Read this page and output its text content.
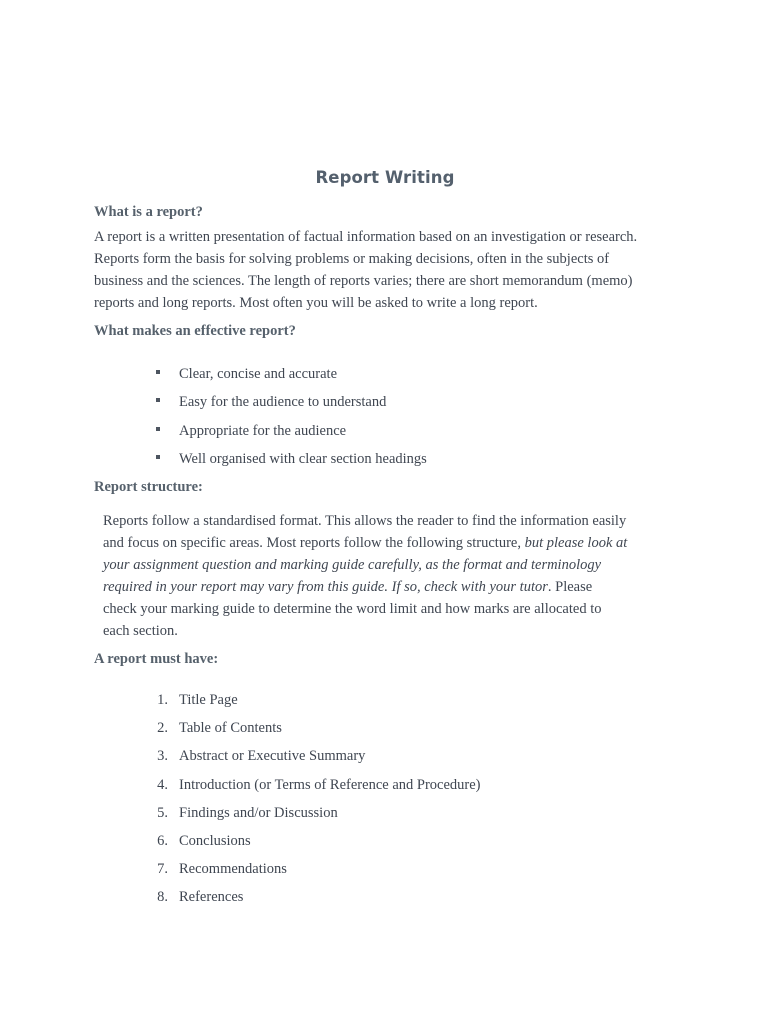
Report Writing
What is a report?
A report is a written presentation of factual information based on an investigation or research.
Reports form the basis for solving problems or making decisions, often in the subjects of
business and the sciences. The length of reports varies; there are short memorandum (memo)
reports and long reports. Most often you will be asked to write a long report.
What makes an effective report?
Clear, concise and accurate
Easy for the audience to understand
Appropriate for the audience
Well organised with clear section headings
Report structure:
Reports follow a standardised format. This allows the reader to find the information easily
and focus on specific areas. Most reports follow the following structure, but please look at
your assignment question and marking guide carefully, as the format and terminology
required in your report may vary from this guide. If so, check with your tutor. Please
check your marking guide to determine the word limit and how marks are allocated to
each section.
A report must have:
1. Title Page
2. Table of Contents
3. Abstract or Executive Summary
4. Introduction (or Terms of Reference and Procedure)
5. Findings and/or Discussion
6. Conclusions
7. Recommendations
8. References
